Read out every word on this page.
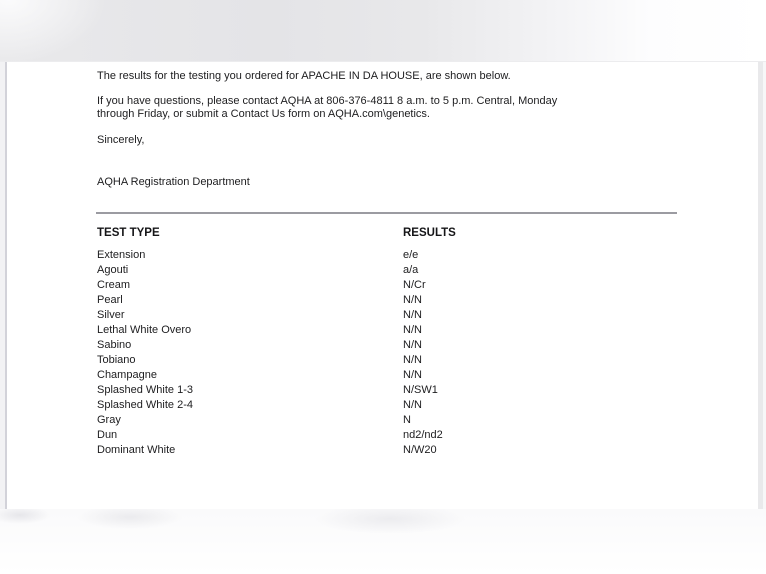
The results for the testing you ordered for APACHE IN DA HOUSE, are shown below.
If you have questions, please contact AQHA at 806-376-4811 8 a.m. to 5 p.m. Central, Monday
through Friday, or submit a Contact Us form on AQHA.com\genetics.
Sincerely,
AQHA Registration Department
TEST TYPE	RESULTS
Extension	e/e
Agouti	a/a
Cream	N/Cr
Pearl	N/N
Silver	N/N
Lethal White Overo	N/N
Sabino	N/N
Tobiano	N/N
Champagne	N/N
Splashed White 1-3	N/SW1
Splashed White 2-4	N/N
Gray	N
Dun	nd2/nd2
Dominant White	N/W20
